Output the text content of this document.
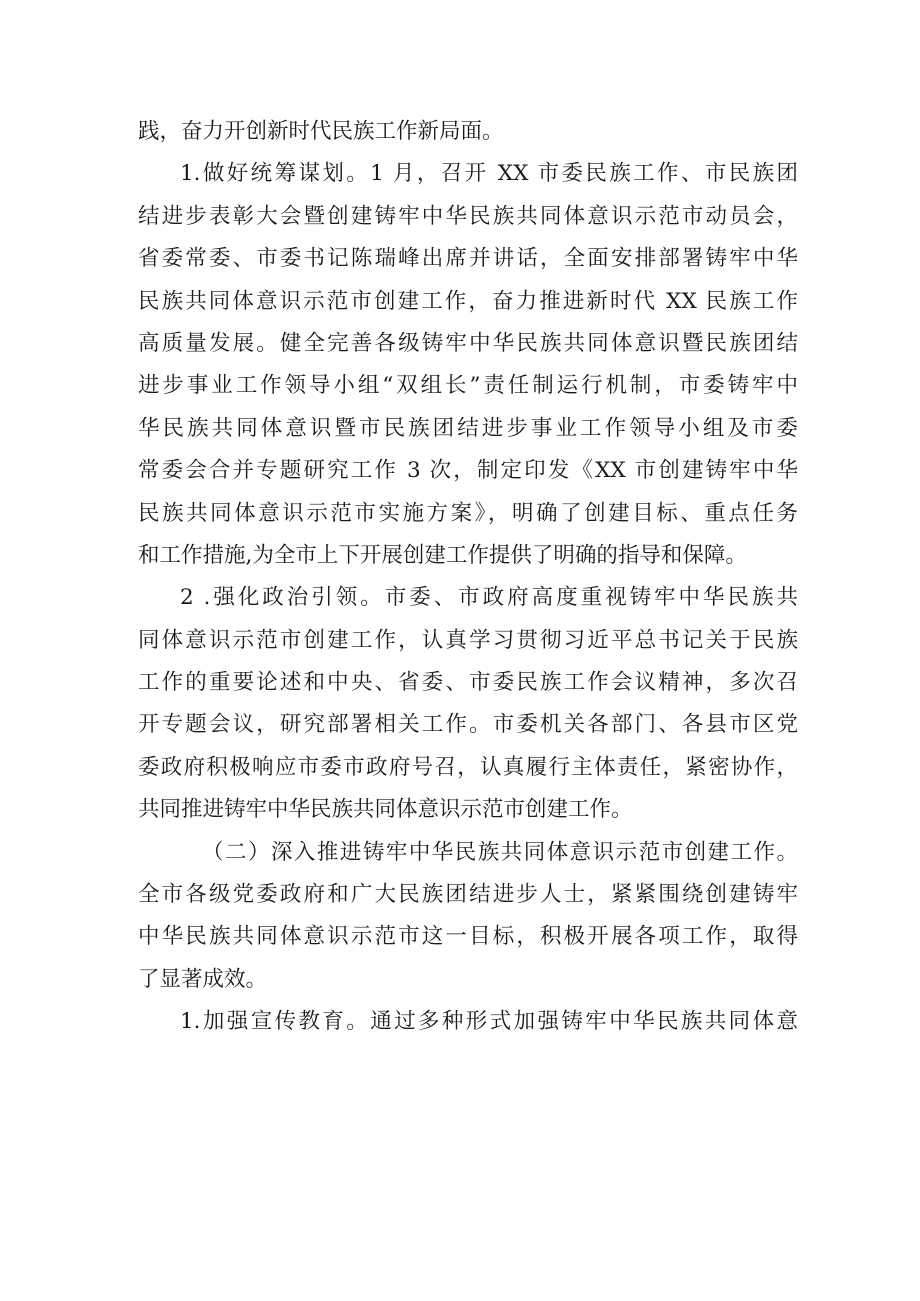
践，奋力开创新时代民族工作新局面。
1.做好统筹谋划。1 月，召开 XX 市委民族工作、市民族团
结进步表彰大会暨创建铸牢中华民族共同体意识示范市动员会，
省委常委、市委书记陈瑞峰出席并讲话，全面安排部署铸牢中华
民族共同体意识示范市创建工作，奋力推进新时代 XX 民族工作
高质量发展。健全完善各级铸牢中华民族共同体意识暨民族团结
进步事业工作领导小组“双组长”责任制运行机制，市委铸牢中
华民族共同体意识暨市民族团结进步事业工作领导小组及市委
常委会合并专题研究工作 3 次，制定印发《XX 市创建铸牢中华
民族共同体意识示范市实施方案》，明确了创建目标、重点任务
和工作措施,为全市上下开展创建工作提供了明确的指导和保障。
2 .强化政治引领。市委、市政府高度重视铸牢中华民族共
同体意识示范市创建工作，认真学习贯彻习近平总书记关于民族
工作的重要论述和中央、省委、市委民族工作会议精神，多次召
开专题会议，研究部署相关工作。市委机关各部门、各县市区党
委政府积极响应市委市政府号召，认真履行主体责任，紧密协作，
共同推进铸牢中华民族共同体意识示范市创建工作。
（二）深入推进铸牢中华民族共同体意识示范市创建工作。
全市各级党委政府和广大民族团结进步人士，紧紧围绕创建铸牢
中华民族共同体意识示范市这一目标，积极开展各项工作，取得
了显著成效。
1.加强宣传教育。通过多种形式加强铸牢中华民族共同体意
